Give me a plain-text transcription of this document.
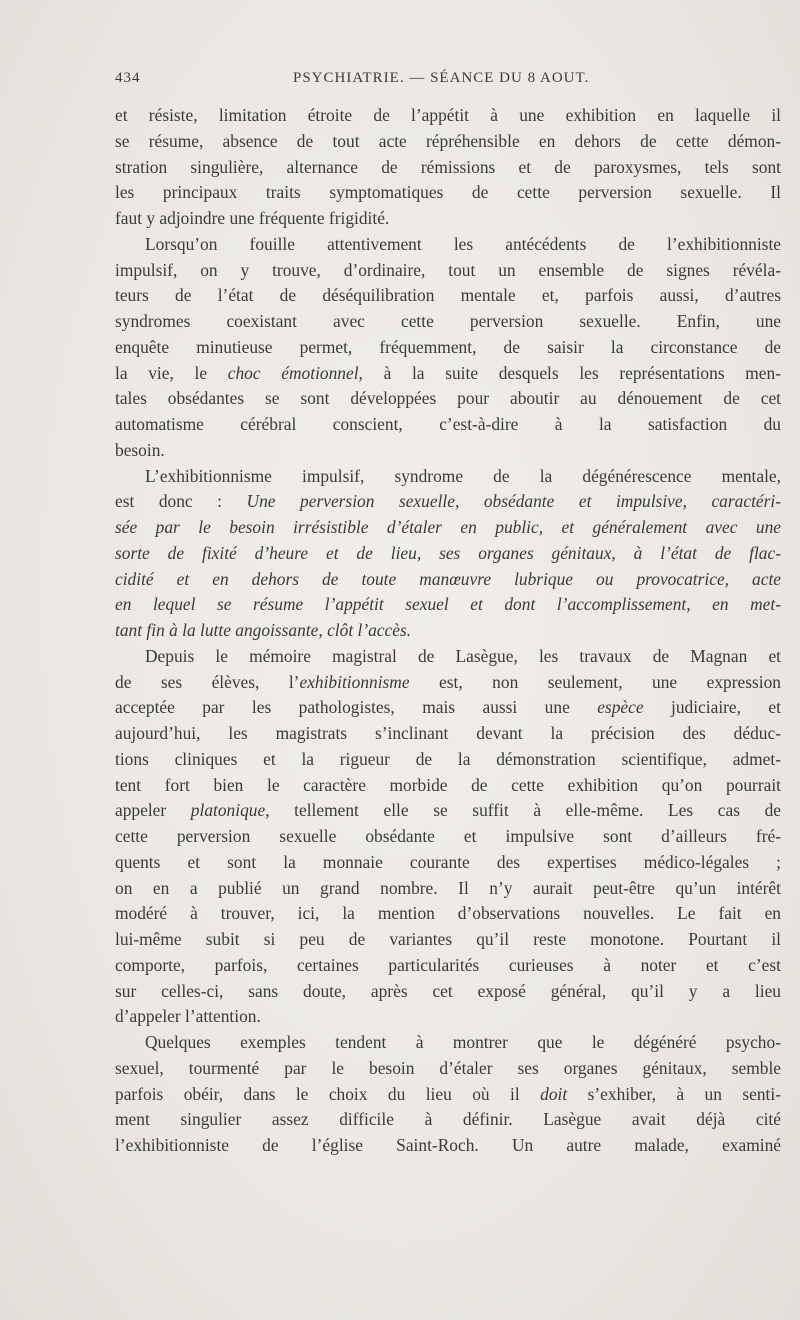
434	PSYCHIATRIE. — SÉANCE DU 8 AOUT.
et résiste, limitation étroite de l’appétit à une exhibition en laquelle il
se résume, absence de tout acte répréhensible en dehors de cette démon-
stration singulière, alternance de rémissions et de paroxysmes, tels sont
les principaux traits symptomatiques de cette perversion sexuelle. Il
faut y adjoindre une fréquente frigidité.
Lorsqu’on fouille attentivement les antécédents de l’exhibitionniste
impulsif, on y trouve, d’ordinaire, tout un ensemble de signes révéla-
teurs de l’état de déséquilibration mentale et, parfois aussi, d’autres
syndromes coexistant avec cette perversion sexuelle. Enfin, une
enquête minutieuse permet, fréquemment, de saisir la circonstance de
la vie, le choc émotionnel, à la suite desquels les représentations men-
tales obsédantes se sont développées pour aboutir au dénouement de cet
automatisme cérébral conscient, c’est-à-dire à la satisfaction du
besoin.
L’exhibitionnisme impulsif, syndrome de la dégénérescence mentale,
est donc : Une perversion sexuelle, obsédante et impulsive, caractéri-
sée par le besoin irrésistible d’étaler en public, et généralement avec une
sorte de fixité d’heure et de lieu, ses organes génitaux, à l’état de flac-
cidité et en dehors de toute manœuvre lubrique ou provocatrice, acte
en lequel se résume l’appétit sexuel et dont l’accomplissement, en met-
tant fin à la lutte angoissante, clôt l’accès.
Depuis le mémoire magistral de Lasègue, les travaux de Magnan et
de ses élèves, l’exhibitionnisme est, non seulement, une expression
acceptée par les pathologistes, mais aussi une espèce judiciaire, et
aujourd’hui, les magistrats s’inclinant devant la précision des déduc-
tions cliniques et la rigueur de la démonstration scientifique, admet-
tent fort bien le caractère morbide de cette exhibition qu’on pourrait
appeler platonique, tellement elle se suffit à elle-même. Les cas de
cette perversion sexuelle obsédante et impulsive sont d’ailleurs fré-
quents et sont la monnaie courante des expertises médico-légales ;
on en a publié un grand nombre. Il n’y aurait peut-être qu’un intérêt
modéré à trouver, ici, la mention d’observations nouvelles. Le fait en
lui-même subit si peu de variantes qu’il reste monotone. Pourtant il
comporte, parfois, certaines particularités curieuses à noter et c’est
sur celles-ci, sans doute, après cet exposé général, qu’il y a lieu
d’appeler l’attention.
Quelques exemples tendent à montrer que le dégénéré psycho-
sexuel, tourmenté par le besoin d’étaler ses organes génitaux, semble
parfois obéir, dans le choix du lieu où il doit s’exhiber, à un senti-
ment singulier assez difficile à définir. Lasègue avait déjà cité
l’exhibitionniste de l’église Saint-Roch. Un autre malade, examiné
